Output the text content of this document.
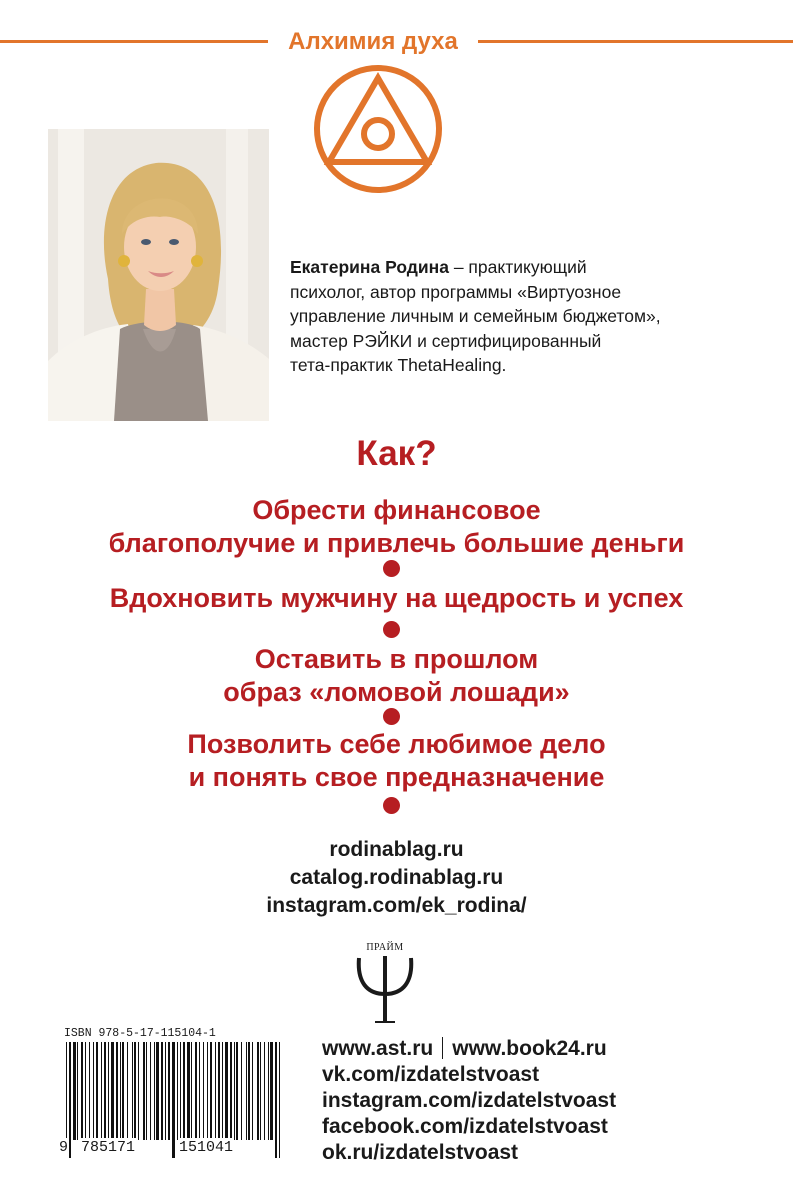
Алхимия духа
Екатерина Родина – практикующий
психолог, автор программы «Виртуозное
управление личным и семейным бюджетом»,
мастер РЭЙКИ и сертифицированный
тета-практик ThetaHealing.
Как?
Обрести финансовое
благополучие и привлечь большие деньги
Вдохновить мужчину на щедрость и успех
Оставить в прошлом
образ «ломовой лошади»
Позволить себе любимое дело
и понять свое предназначение
rodinablag.ru
catalog.rodinablag.ru
instagram.com/ek_rodina/
ПРАЙМ
ISBN 978-5-17-115104-1
9 785171	151041
www.ast.ru www.book24.ru
vk.com/izdatelstvoast
instagram.com/izdatelstvoast
facebook.com/izdatelstvoast
ok.ru/izdatelstvoast
